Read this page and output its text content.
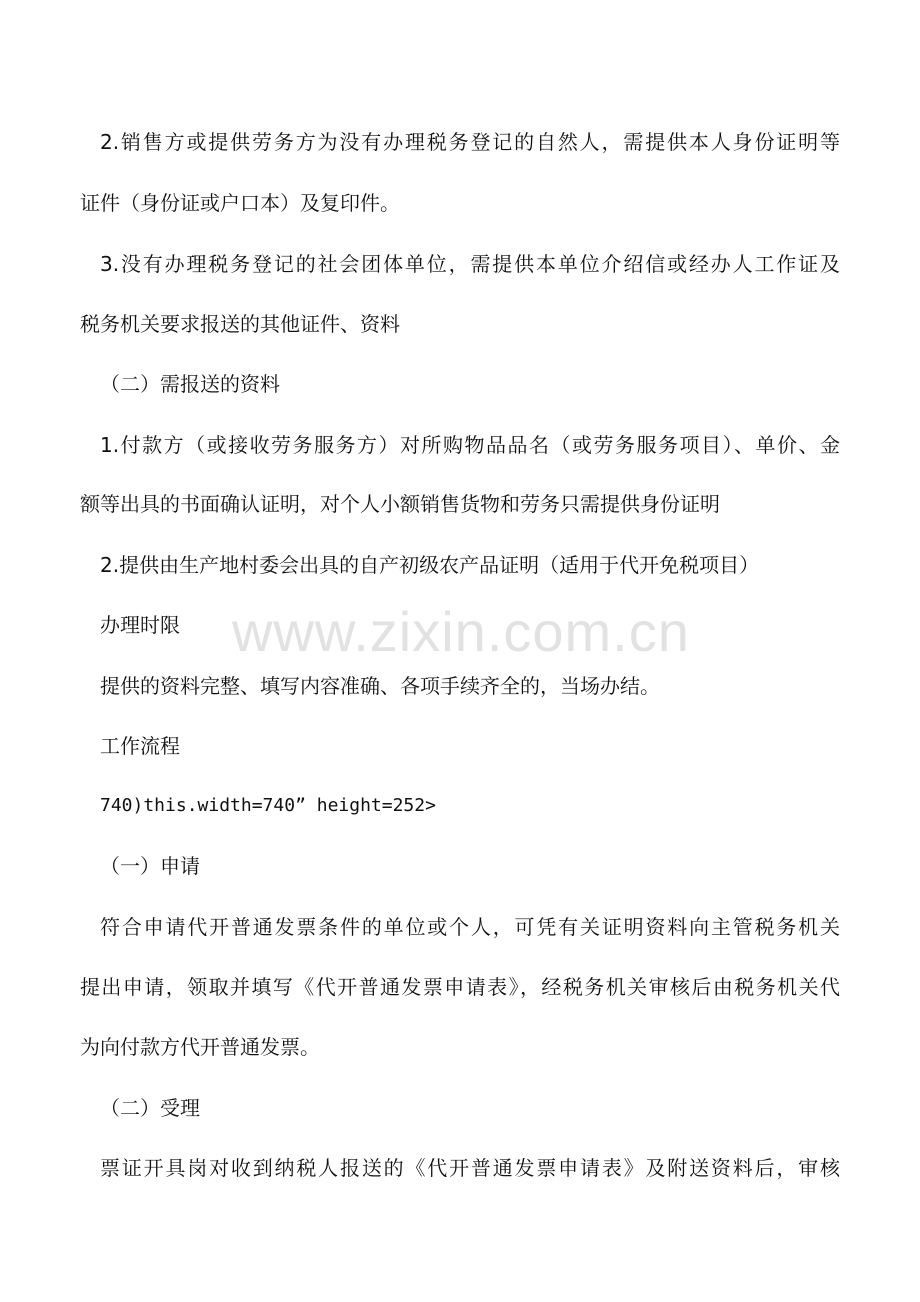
2.销售方或提供劳务方为没有办理税务登记的自然人，需提供本人身份证明等
证件（身份证或户口本）及复印件。
3.没有办理税务登记的社会团体单位，需提供本单位介绍信或经办人工作证及
税务机关要求报送的其他证件、资料
（二）需报送的资料
1.付款方（或接收劳务服务方）对所购物品品名（或劳务服务项目）、单价、金
额等出具的书面确认证明，对个人小额销售货物和劳务只需提供身份证明
2.提供由生产地村委会出具的自产初级农产品证明（适用于代开免税项目）
办理时限
提供的资料完整、填写内容准确、各项手续齐全的，当场办结。
工作流程
740)this.width=740” height=252>
（一）申请
符合申请代开普通发票条件的单位或个人，可凭有关证明资料向主管税务机关
提出申请，领取并填写《代开普通发票申请表》，经税务机关审核后由税务机关代
为向付款方代开普通发票。
（二）受理
票证开具岗对收到纳税人报送的《代开普通发票申请表》及附送资料后，审核
www.zixin.com.cn
